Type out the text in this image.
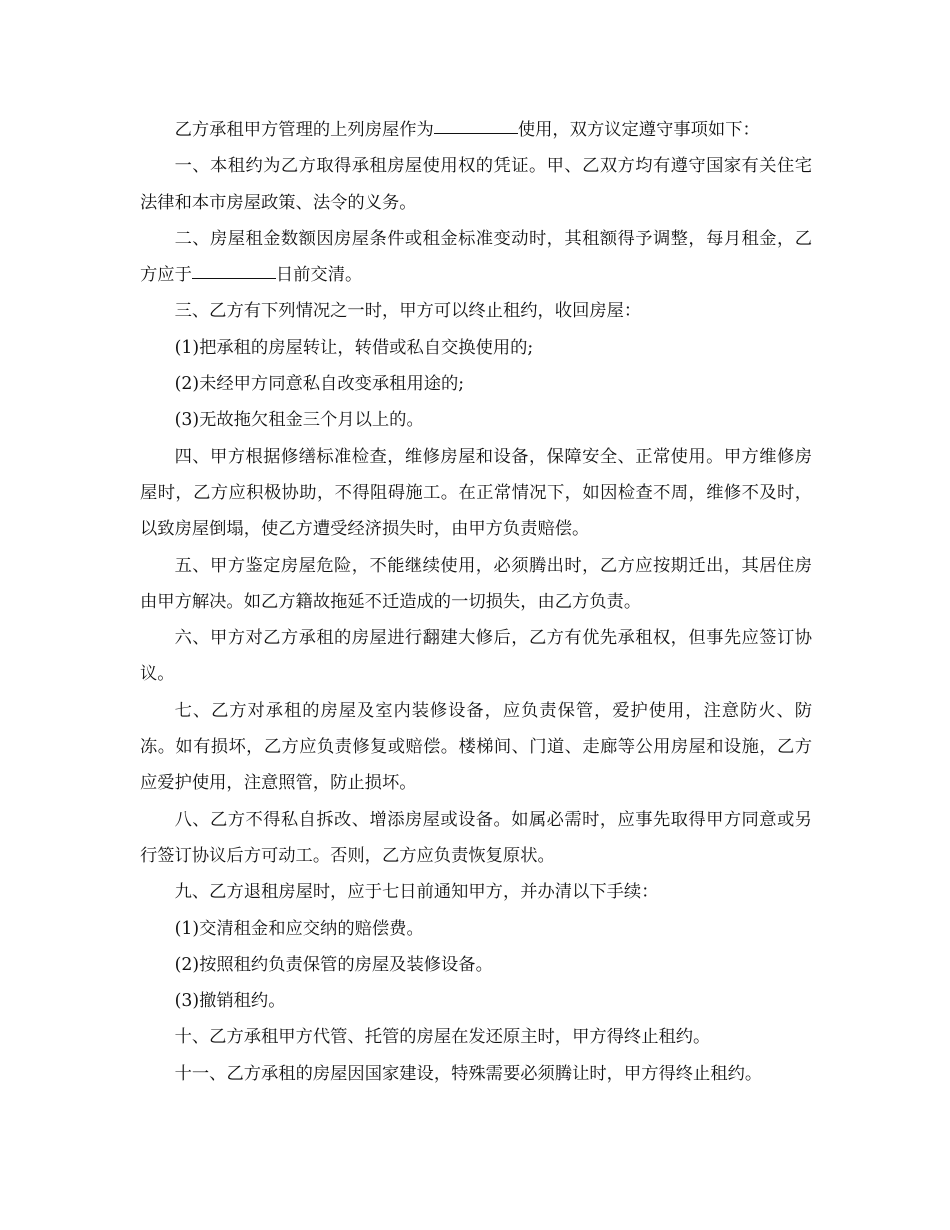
乙方承租甲方管理的上列房屋作为	使用，双方议定遵守事项如下：

一、本租约为乙方取得承租房屋使用权的凭证。甲、乙双方均有遵守国家有关住宅法律和本市房屋政策、法令的义务。

二、房屋租金数额因房屋条件或租金标准变动时，其租额得予调整，每月租金，乙方应于	日前交清。

三、乙方有下列情况之一时，甲方可以终止租约，收回房屋：

(1)把承租的房屋转让，转借或私自交换使用的;

(2)未经甲方同意私自改变承租用途的;

(3)无故拖欠租金三个月以上的。

四、甲方根据修缮标准检查，维修房屋和设备，保障安全、正常使用。甲方维修房屋时，乙方应积极协助，不得阻碍施工。在正常情况下，如因检查不周，维修不及时，以致房屋倒塌，使乙方遭受经济损失时，由甲方负责赔偿。

五、甲方鉴定房屋危险，不能继续使用，必须腾出时，乙方应按期迁出，其居住房由甲方解决。如乙方籍故拖延不迁造成的一切损失，由乙方负责。

六、甲方对乙方承租的房屋进行翻建大修后，乙方有优先承租权，但事先应签订协议。

七、乙方对承租的房屋及室内装修设备，应负责保管，爱护使用，注意防火、防冻。如有损坏，乙方应负责修复或赔偿。楼梯间、门道、走廊等公用房屋和设施，乙方应爱护使用，注意照管，防止损坏。

八、乙方不得私自拆改、增添房屋或设备。如属必需时，应事先取得甲方同意或另行签订协议后方可动工。否则，乙方应负责恢复原状。

九、乙方退租房屋时，应于七日前通知甲方，并办清以下手续：

(1)交清租金和应交纳的赔偿费。

(2)按照租约负责保管的房屋及装修设备。

(3)撤销租约。

十、乙方承租甲方代管、托管的房屋在发还原主时，甲方得终止租约。

十一、乙方承租的房屋因国家建设，特殊需要必须腾让时，甲方得终止租约。
